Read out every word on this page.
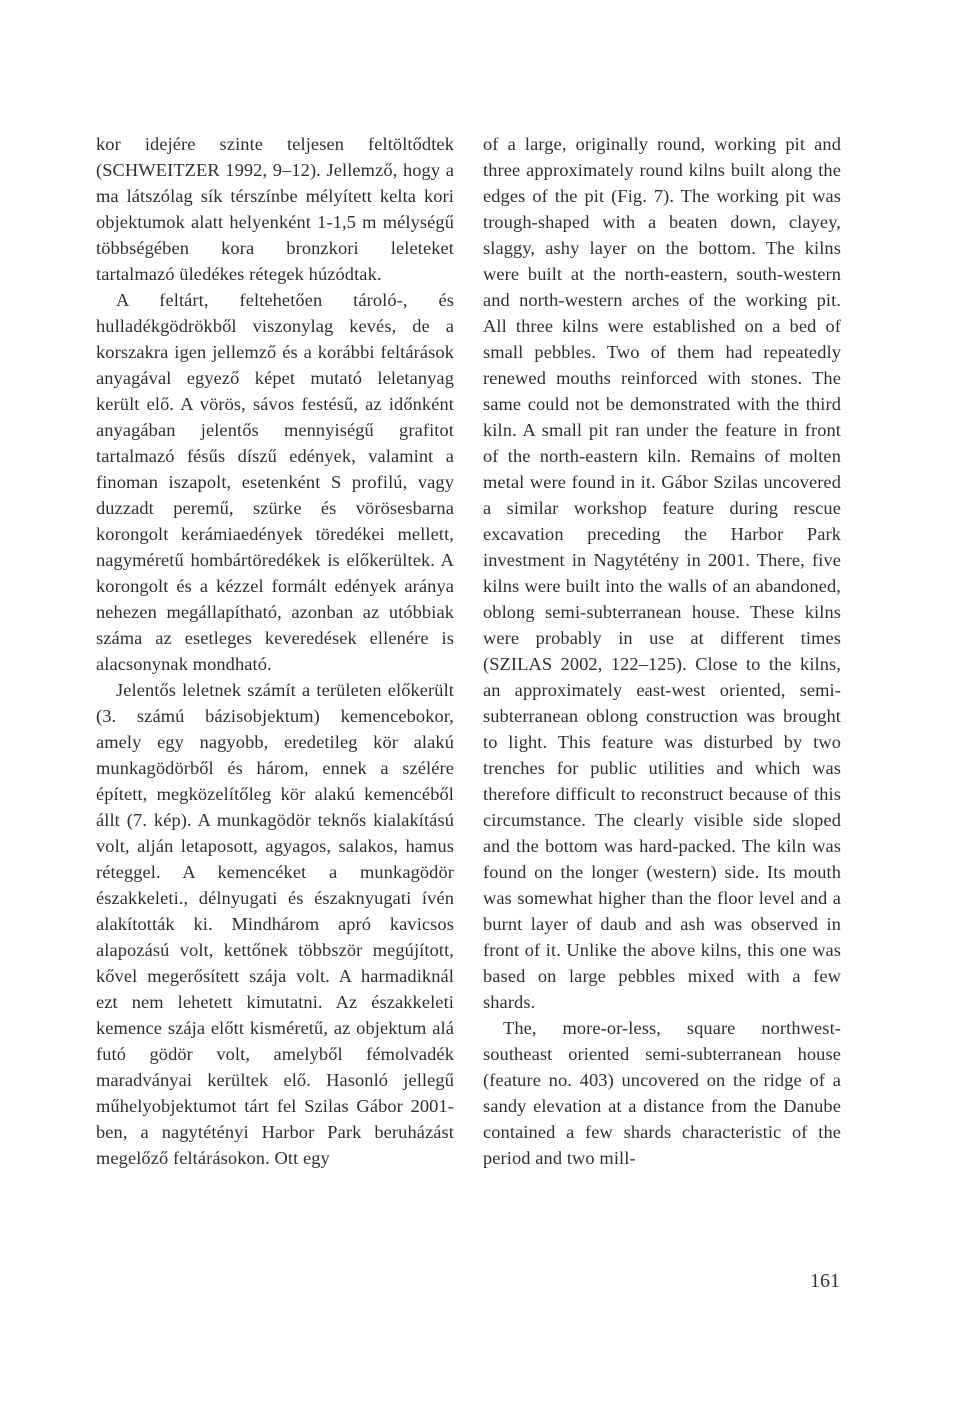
kor idejére szinte teljesen feltöltődtek (SCHWEITZER 1992, 9–12). Jellemző, hogy a ma látszólag sík térszínbe mélyített kelta kori objektumok alatt helyenként 1-1,5 m mélységű többségében kora bronzkori leleteket tartalmazó üledékes rétegek húzódtak.

A feltárt, feltehetően tároló-, és hulladékgödrökből viszonylag kevés, de a korszakra igen jellemző és a korábbi feltárások anyagával egyező képet mutató leletanyag került elő. A vörös, sávos festésű, az időnként anyagában jelentős mennyiségű grafitot tartalmazó fésűs díszű edények, valamint a finoman iszapolt, esetenként S profilú, vagy duzzadt peremű, szürke és vörösesbarna korongolt kerámiaedények töredékei mellett, nagyméretű hombártöredékek is előkerültek. A korongolt és a kézzel formált edények aránya nehezen megállapítható, azonban az utóbbiak száma az esetleges keveredések ellenére is alacsonynak mondható.

Jelentős leletnek számít a területen előkerült (3. számú bázisobjektum) kemencebokor, amely egy nagyobb, eredetileg kör alakú munkagödörből és három, ennek a szélére épített, megközelítőleg kör alakú kemencéből állt (7. kép). A munkagödör teknős kialakítású volt, alján letaposott, agyagos, salakos, hamus réteggel. A kemencéket a munkagödör északkeleti., délnyugati és északnyugati ívén alakították ki. Mindhárom apró kavicsos alapozású volt, kettőnek többször megújított, kővel megerősített szája volt. A harmadiknál ezt nem lehetett kimutatni. Az északkeleti kemence szája előtt kisméretű, az objektum alá futó gödör volt, amelyből fémolvadék maradványai kerültek elő. Hasonló jellegű műhelyobjektumot tárt fel Szilas Gábor 2001-ben, a nagytétényi Harbor Park beruházást megelőző feltárásokon. Ott egy

of a large, originally round, working pit and three approximately round kilns built along the edges of the pit (Fig. 7). The working pit was trough-shaped with a beaten down, clayey, slaggy, ashy layer on the bottom. The kilns were built at the north-eastern, south-western and north-western arches of the working pit. All three kilns were established on a bed of small pebbles. Two of them had repeatedly renewed mouths reinforced with stones. The same could not be demonstrated with the third kiln. A small pit ran under the feature in front of the north-eastern kiln. Remains of molten metal were found in it. Gábor Szilas uncovered a similar workshop feature during rescue excavation preceding the Harbor Park investment in Nagytétény in 2001. There, five kilns were built into the walls of an abandoned, oblong semi-subterranean house. These kilns were probably in use at different times (SZILAS 2002, 122–125). Close to the kilns, an approximately east-west oriented, semi-subterranean oblong construction was brought to light. This feature was disturbed by two trenches for public utilities and which was therefore difficult to reconstruct because of this circumstance. The clearly visible side sloped and the bottom was hard-packed. The kiln was found on the longer (western) side. Its mouth was somewhat higher than the floor level and a burnt layer of daub and ash was observed in front of it. Unlike the above kilns, this one was based on large pebbles mixed with a few shards.

The, more-or-less, square northwest-southeast oriented semi-subterranean house (feature no. 403) uncovered on the ridge of a sandy elevation at a distance from the Danube contained a few shards characteristic of the period and two mill-

161
